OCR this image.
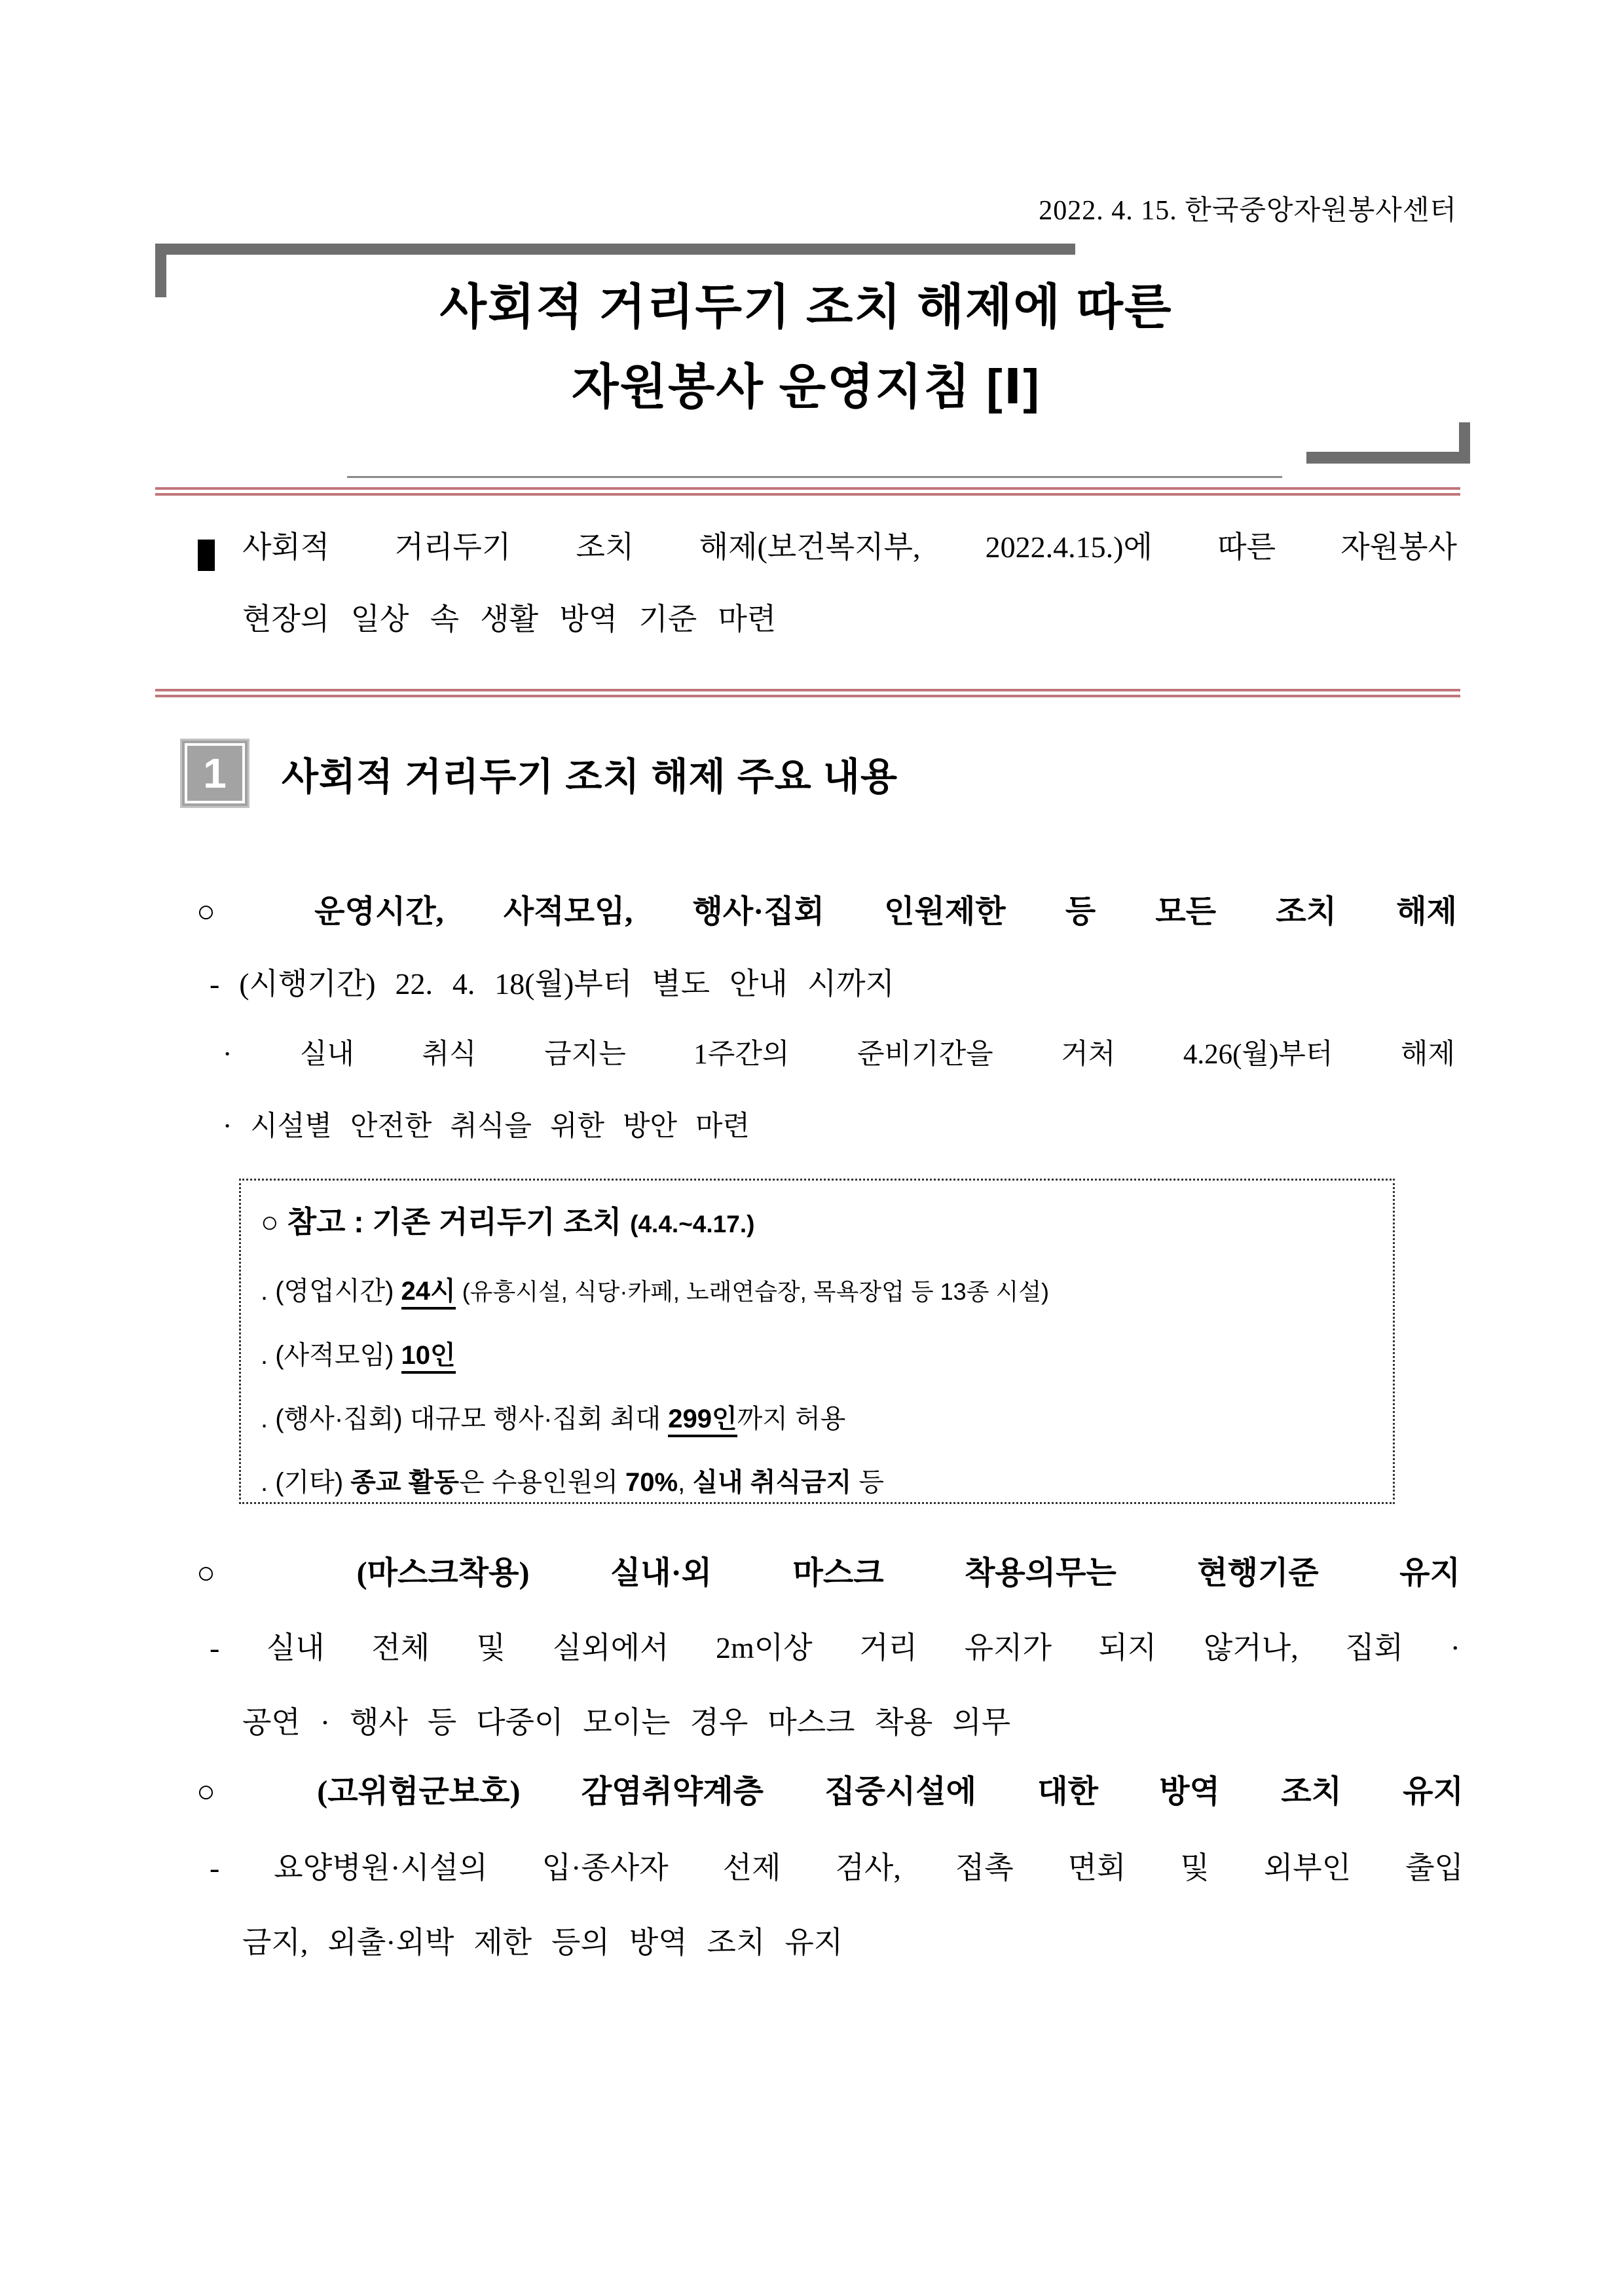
2022. 4. 15. 한국중앙자원봉사센터
사회적 거리두기 조치 해제에 따른
자원봉사 운영지침 [Ⅰ]
사회적 거리두기 조치 해제(보건복지부, 2022.4.15.)에 따른 자원봉사
현장의 일상 속 생활 방역 기준 마련
1	사회적 거리두기 조치 해제 주요 내용
○ 운영시간, 사적모임, 행사·집회 인원제한 등 모든 조치 해제
- (시행기간) 22. 4. 18(월)부터 별도 안내 시까지
· 실내 취식 금지는 1주간의 준비기간을 거처 4.26(월)부터 해제
· 시설별 안전한 취식을 위한 방안 마련
○ 참고 : 기존 거리두기 조치 (4.4.~4.17.)
. (영업시간) 24시 (유흥시설, 식당·카페, 노래연습장, 목욕장업 등 13종 시설)
. (사적모임) 10인
. (행사·집회) 대규모 행사·집회 최대 299인까지 허용
. (기타) 종교 활동은 수용인원의 70%, 실내 취식금지 등
○ (마스크착용) 실내·외 마스크 착용의무는 현행기준 유지
- 실내 전체 및 실외에서 2m이상 거리 유지가 되지 않거나, 집회 ·
공연 · 행사 등 다중이 모이는 경우 마스크 착용 의무
○ (고위험군보호) 감염취약계층 집중시설에 대한 방역 조치 유지
- 요양병원·시설의 입·종사자 선제 검사, 접촉 면회 및 외부인 출입
금지, 외출·외박 제한 등의 방역 조치 유지
